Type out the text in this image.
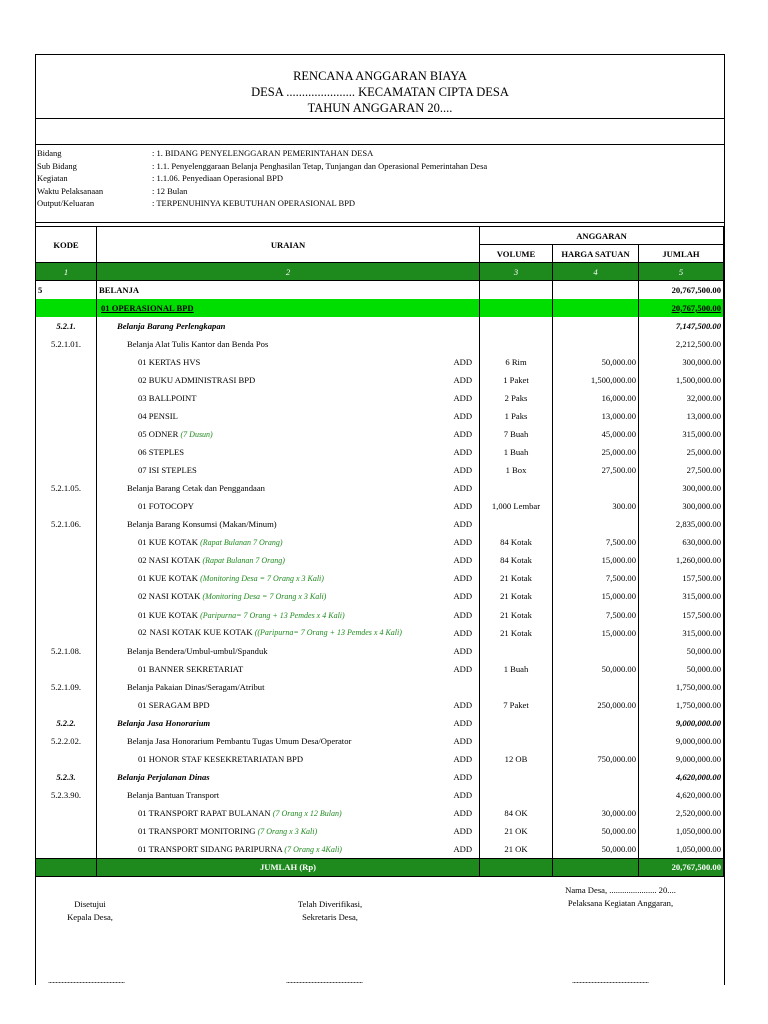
RENCANA ANGGARAN BIAYA
DESA ...................... KECAMATAN CIPTA DESA
TAHUN ANGGARAN 20....
Bidang	: 1. BIDANG PENYELENGGARAN PEMERINTAHAN DESA
Sub Bidang	: 1.1. Penyelenggaraan Belanja Penghasilan Tetap, Tunjangan dan Operasional Pemerintahan Desa
Kegiatan	: 1.1.06. Penyediaan Operasional BPD
Waktu Pelaksanaan	: 12 Bulan
Output/Keluaran	: TERPENUHINYA KEBUTUHAN OPERASIONAL BPD
KODE	URAIAN		ANGGARAN		
			VOLUME	HARGA SATUAN	JUMLAH
1	2		3	4	5
5	BELANJA				20,767,500.00
	01 OPERASIONAL BPD				20,767,500.00
5.2.1.	Belanja Barang Perlengkapan				7,147,500.00
5.2.1.01.	Belanja Alat Tulis Kantor dan Benda Pos				2,212,500.00
	01 KERTAS HVS	ADD	6 Rim	50,000.00	300,000.00
	02 BUKU ADMINISTRASI BPD	ADD	1 Paket	1,500,000.00	1,500,000.00
	03 BALLPOINT	ADD	2 Paks	16,000.00	32,000.00
	04 PENSIL	ADD	1 Paks	13,000.00	13,000.00
	05 ODNER (7 Dusun)	ADD	7 Buah	45,000.00	315,000.00
	06 STEPLES	ADD	1 Buah	25,000.00	25,000.00
	07 ISI STEPLES	ADD	1 Box	27,500.00	27,500.00
5.2.1.05.	Belanja Barang Cetak dan Penggandaan	ADD			300,000.00
	01 FOTOCOPY	ADD	1,000 Lembar	300.00	300,000.00
5.2.1.06.	Belanja Barang Konsumsi (Makan/Minum)	ADD			2,835,000.00
	01 KUE KOTAK (Rapat Bulanan 7 Orang)	ADD	84 Kotak	7,500.00	630,000.00
	02 NASI KOTAK (Rapat Bulanan 7 Orang)	ADD	84 Kotak	15,000.00	1,260,000.00
	01 KUE KOTAK (Monitoring Desa = 7 Orang x 3 Kali)	ADD	21 Kotak	7,500.00	157,500.00
	02 NASI KOTAK (Monitoring Desa = 7 Orang x 3 Kali)	ADD	21 Kotak	15,000.00	315,000.00
	01 KUE KOTAK (Paripurna= 7 Orang + 13 Pemdes x 4 Kali)	ADD	21 Kotak	7,500.00	157,500.00
	02 NASI KOTAK KUE KOTAK ((Paripurna= 7 Orang + 13 Pemdes x 4 Kali)	ADD	21 Kotak	15,000.00	315,000.00
5.2.1.08.	Belanja Bendera/Umbul-umbul/Spanduk	ADD			50,000.00
	01 BANNER SEKRETARIAT	ADD	1 Buah	50,000.00	50,000.00
5.2.1.09.	Belanja Pakaian Dinas/Seragam/Atribut				1,750,000.00
	01 SERAGAM BPD	ADD	7 Paket	250,000.00	1,750,000.00
5.2.2.	Belanja Jasa Honorarium	ADD			9,000,000.00
5.2.2.02.	Belanja Jasa Honorarium Pembantu Tugas Umum Desa/Operator	ADD			9,000,000.00
	01 HONOR STAF KESEKRETARIATAN BPD	ADD	12 OB	750,000.00	9,000,000.00
5.2.3.	Belanja Perjalanan Dinas	ADD			4,620,000.00
5.2.3.90.	Belanja Bantuan Transport	ADD			4,620,000.00
	01 TRANSPORT RAPAT BULANAN (7 Orang x 12 Bulan)	ADD	84 OK	30,000.00	2,520,000.00
	01 TRANSPORT MONITORING (7 Orang x 3 Kali)	ADD	21 OK	50,000.00	1,050,000.00
	01 TRANSPORT SIDANG PARIPURNA (7 Orang x 4Kali)	ADD	21 OK	50,000.00	1,050,000.00
	JUMLAH (Rp)				20,767,500.00
Disetujui
Kepala Desa,
Telah Diverifikasi,
Sekretaris Desa,
Nama Desa, ...................... 20....
Pelaksana Kegiatan Anggaran,
...................................................	...................................................	...................................................
